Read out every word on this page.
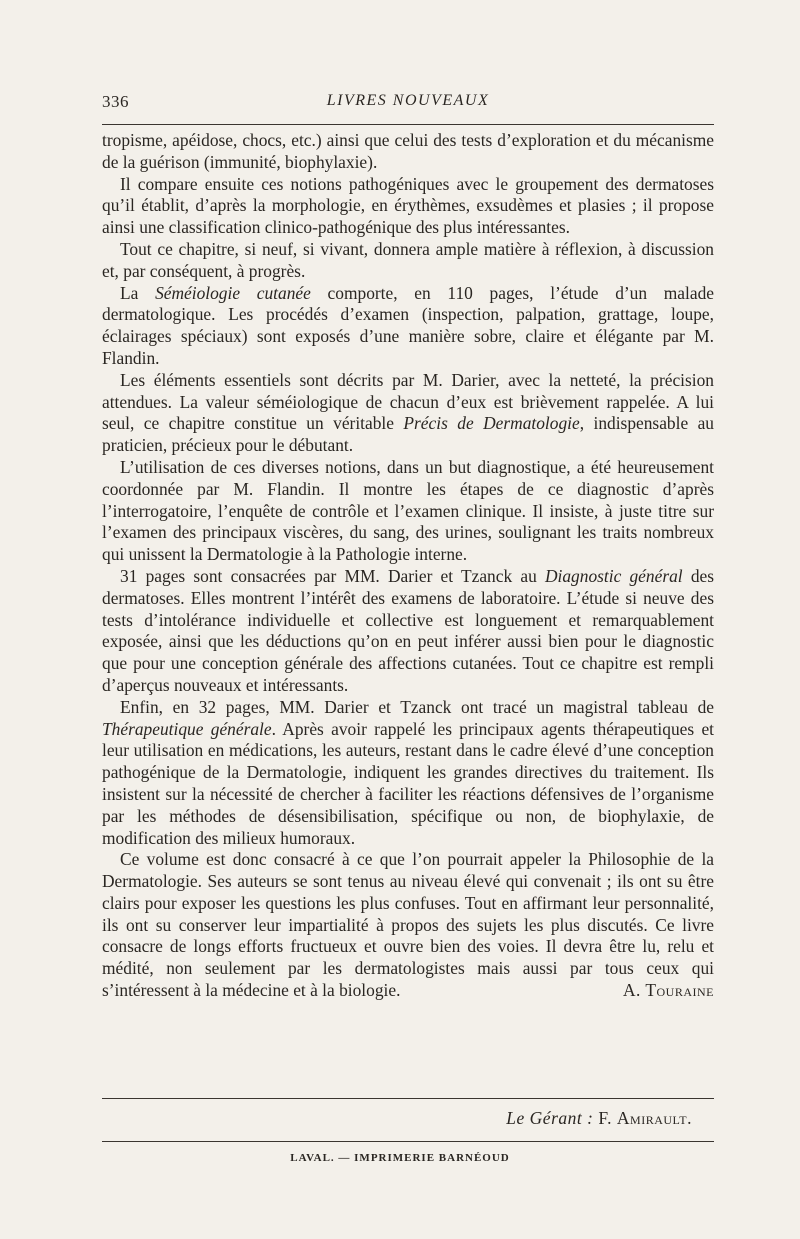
336	LIVRES NOUVEAUX

tropisme, apéidose, chocs, etc.) ainsi que celui des tests d’exploration et du mécanisme de la guérison (immunité, biophylaxie).

Il compare ensuite ces notions pathogéniques avec le groupement des dermatoses qu’il établit, d’après la morphologie, en érythèmes, exsudèmes et plasies ; il propose ainsi une classification clinico-pathogénique des plus intéressantes.

Tout ce chapitre, si neuf, si vivant, donnera ample matière à réflexion, à discussion et, par conséquent, à progrès.

La Séméiologie cutanée comporte, en 110 pages, l’étude d’un malade dermatologique. Les procédés d’examen (inspection, palpation, grattage, loupe, éclairages spéciaux) sont exposés d’une manière sobre, claire et élégante par M. Flandin.

Les éléments essentiels sont décrits par M. Darier, avec la netteté, la précision attendues. La valeur séméiologique de chacun d’eux est brièvement rappelée. A lui seul, ce chapitre constitue un véritable Précis de Dermatologie, indispensable au praticien, précieux pour le débutant.

L’utilisation de ces diverses notions, dans un but diagnostique, a été heureusement coordonnée par M. Flandin. Il montre les étapes de ce diagnostic d’après l’interrogatoire, l’enquête de contrôle et l’examen clinique. Il insiste, à juste titre sur l’examen des principaux viscères, du sang, des urines, soulignant les traits nombreux qui unissent la Dermatologie à la Pathologie interne.

31 pages sont consacrées par MM. Darier et Tzanck au Diagnostic général des dermatoses. Elles montrent l’intérêt des examens de laboratoire. L’étude si neuve des tests d’intolérance individuelle et collective est longuement et remarquablement exposée, ainsi que les déductions qu’on en peut inférer aussi bien pour le diagnostic que pour une conception générale des affections cutanées. Tout ce chapitre est rempli d’aperçus nouveaux et intéressants.

Enfin, en 32 pages, MM. Darier et Tzanck ont tracé un magistral tableau de Thérapeutique générale. Après avoir rappelé les principaux agents thérapeutiques et leur utilisation en médications, les auteurs, restant dans le cadre élevé d’une conception pathogénique de la Dermatologie, indiquent les grandes directives du traitement. Ils insistent sur la nécessité de chercher à faciliter les réactions défensives de l’organisme par les méthodes de désensibilisation, spécifique ou non, de biophylaxie, de modification des milieux humoraux.

Ce volume est donc consacré à ce que l’on pourrait appeler la Philosophie de la Dermatologie. Ses auteurs se sont tenus au niveau élevé qui convenait ; ils ont su être clairs pour exposer les questions les plus confuses. Tout en affirmant leur personnalité, ils ont su conserver leur impartialité à propos des sujets les plus discutés. Ce livre consacre de longs efforts fructueux et ouvre bien des voies. Il devra être lu, relu et médité, non seulement par les dermatologistes mais aussi par tous ceux qui s’intéressent à la médecine et à la biologie.	A. Touraine

Le Gérant : F. Amirault.
LAVAL. — IMPRIMERIE BARNÉOUD
